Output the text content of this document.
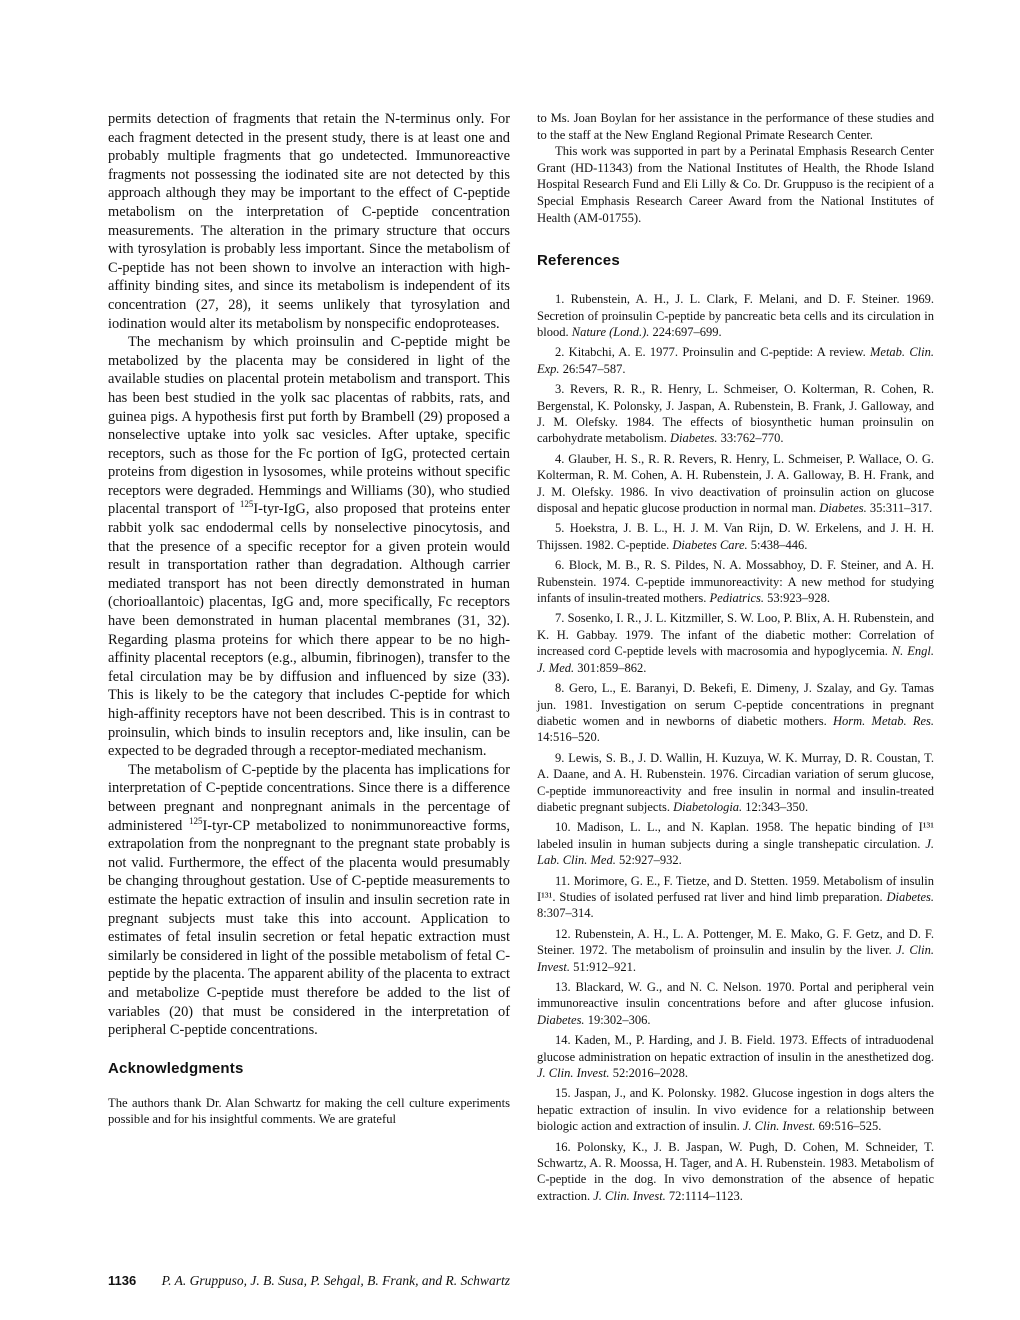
permits detection of fragments that retain the N-terminus only. For each fragment detected in the present study, there is at least one and probably multiple fragments that go undetected. Immunoreactive fragments not possessing the iodinated site are not detected by this approach although they may be important to the effect of C-peptide metabolism on the interpretation of C-peptide concentration measurements. The alteration in the primary structure that occurs with tyrosylation is probably less important. Since the metabolism of C-peptide has not been shown to involve an interaction with high-affinity binding sites, and since its metabolism is independent of its concentration (27, 28), it seems unlikely that tyrosylation and iodination would alter its metabolism by nonspecific endoproteases.

The mechanism by which proinsulin and C-peptide might be metabolized by the placenta may be considered in light of the available studies on placental protein metabolism and transport. This has been best studied in the yolk sac placentas of rabbits, rats, and guinea pigs. A hypothesis first put forth by Brambell (29) proposed a nonselective uptake into yolk sac vesicles. After uptake, specific receptors, such as those for the Fc portion of IgG, protected certain proteins from digestion in lysosomes, while proteins without specific receptors were degraded. Hemmings and Williams (30), who studied placental transport of $^{125}$I-tyr-IgG, also proposed that proteins enter rabbit yolk sac endodermal cells by nonselective pinocytosis, and that the presence of a specific receptor for a given protein would result in transportation rather than degradation. Although carrier mediated transport has not been directly demonstrated in human (chorioallantoic) placentas, IgG and, more specifically, Fc receptors have been demonstrated in human placental membranes (31, 32). Regarding plasma proteins for which there appear to be no high-affinity placental receptors (e.g., albumin, fibrinogen), transfer to the fetal circulation may be by diffusion and influenced by size (33). This is likely to be the category that includes C-peptide for which high-affinity receptors have not been described. This is in contrast to proinsulin, which binds to insulin receptors and, like insulin, can be expected to be degraded through a receptor-mediated mechanism.

The metabolism of C-peptide by the placenta has implications for interpretation of C-peptide concentrations. Since there is a difference between pregnant and nonpregnant animals in the percentage of administered $^{125}$I-tyr-CP metabolized to nonimmunoreactive forms, extrapolation from the nonpregnant to the pregnant state probably is not valid. Furthermore, the effect of the placenta would presumably be changing throughout gestation. Use of C-peptide measurements to estimate the hepatic extraction of insulin and insulin secretion rate in pregnant subjects must take this into account. Application to estimates of fetal insulin secretion or fetal hepatic extraction must similarly be considered in light of the possible metabolism of fetal C-peptide by the placenta. The apparent ability of the placenta to extract and metabolize C-peptide must therefore be added to the list of variables (20) that must be considered in the interpretation of peripheral C-peptide concentrations.

Acknowledgments

The authors thank Dr. Alan Schwartz for making the cell culture experiments possible and for his insightful comments. We are grateful

to Ms. Joan Boylan for her assistance in the performance of these studies and to the staff at the New England Regional Primate Research Center.

This work was supported in part by a Perinatal Emphasis Research Center Grant (HD-11343) from the National Institutes of Health, the Rhode Island Hospital Research Fund and Eli Lilly & Co. Dr. Gruppuso is the recipient of a Special Emphasis Research Career Award from the National Institutes of Health (AM-01755).

References

1. Rubenstein, A. H., J. L. Clark, F. Melani, and D. F. Steiner. 1969. Secretion of proinsulin C-peptide by pancreatic beta cells and its circulation in blood. Nature (Lond.). 224:697–699.

2. Kitabchi, A. E. 1977. Proinsulin and C-peptide: A review. Metab. Clin. Exp. 26:547–587.

3. Revers, R. R., R. Henry, L. Schmeiser, O. Kolterman, R. Cohen, R. Bergenstal, K. Polonsky, J. Jaspan, A. Rubenstein, B. Frank, J. Galloway, and J. M. Olefsky. 1984. The effects of biosynthetic human proinsulin on carbohydrate metabolism. Diabetes. 33:762–770.

4. Glauber, H. S., R. R. Revers, R. Henry, L. Schmeiser, P. Wallace, O. G. Kolterman, R. M. Cohen, A. H. Rubenstein, J. A. Galloway, B. H. Frank, and J. M. Olefsky. 1986. In vivo deactivation of proinsulin action on glucose disposal and hepatic glucose production in normal man. Diabetes. 35:311–317.

5. Hoekstra, J. B. L., H. J. M. Van Rijn, D. W. Erkelens, and J. H. H. Thijssen. 1982. C-peptide. Diabetes Care. 5:438–446.

6. Block, M. B., R. S. Pildes, N. A. Mossabhoy, D. F. Steiner, and A. H. Rubenstein. 1974. C-peptide immunoreactivity: A new method for studying infants of insulin-treated mothers. Pediatrics. 53:923–928.

7. Sosenko, I. R., J. L. Kitzmiller, S. W. Loo, P. Blix, A. H. Rubenstein, and K. H. Gabbay. 1979. The infant of the diabetic mother: Correlation of increased cord C-peptide levels with macrosomia and hypoglycemia. N. Engl. J. Med. 301:859–862.

8. Gero, L., E. Baranyi, D. Bekefi, E. Dimeny, J. Szalay, and Gy. Tamas jun. 1981. Investigation on serum C-peptide concentrations in pregnant diabetic women and in newborns of diabetic mothers. Horm. Metab. Res. 14:516–520.

9. Lewis, S. B., J. D. Wallin, H. Kuzuya, W. K. Murray, D. R. Coustan, T. A. Daane, and A. H. Rubenstein. 1976. Circadian variation of serum glucose, C-peptide immunoreactivity and free insulin in normal and insulin-treated diabetic pregnant subjects. Diabetologia. 12:343–350.

10. Madison, L. L., and N. Kaplan. 1958. The hepatic binding of I¹³¹ labeled insulin in human subjects during a single transhepatic circulation. J. Lab. Clin. Med. 52:927–932.

11. Morimore, G. E., F. Tietze, and D. Stetten. 1959. Metabolism of insulin I¹³¹. Studies of isolated perfused rat liver and hind limb preparation. Diabetes. 8:307–314.

12. Rubenstein, A. H., L. A. Pottenger, M. E. Mako, G. F. Getz, and D. F. Steiner. 1972. The metabolism of proinsulin and insulin by the liver. J. Clin. Invest. 51:912–921.

13. Blackard, W. G., and N. C. Nelson. 1970. Portal and peripheral vein immunoreactive insulin concentrations before and after glucose infusion. Diabetes. 19:302–306.

14. Kaden, M., P. Harding, and J. B. Field. 1973. Effects of intraduodenal glucose administration on hepatic extraction of insulin in the anesthetized dog. J. Clin. Invest. 52:2016–2028.

15. Jaspan, J., and K. Polonsky. 1982. Glucose ingestion in dogs alters the hepatic extraction of insulin. In vivo evidence for a relationship between biologic action and extraction of insulin. J. Clin. Invest. 69:516–525.

16. Polonsky, K., J. B. Jaspan, W. Pugh, D. Cohen, M. Schneider, T. Schwartz, A. R. Moossa, H. Tager, and A. H. Rubenstein. 1983. Metabolism of C-peptide in the dog. In vivo demonstration of the absence of hepatic extraction. J. Clin. Invest. 72:1114–1123.

1136 P. A. Gruppuso, J. B. Susa, P. Sehgal, B. Frank, and R. Schwartz
